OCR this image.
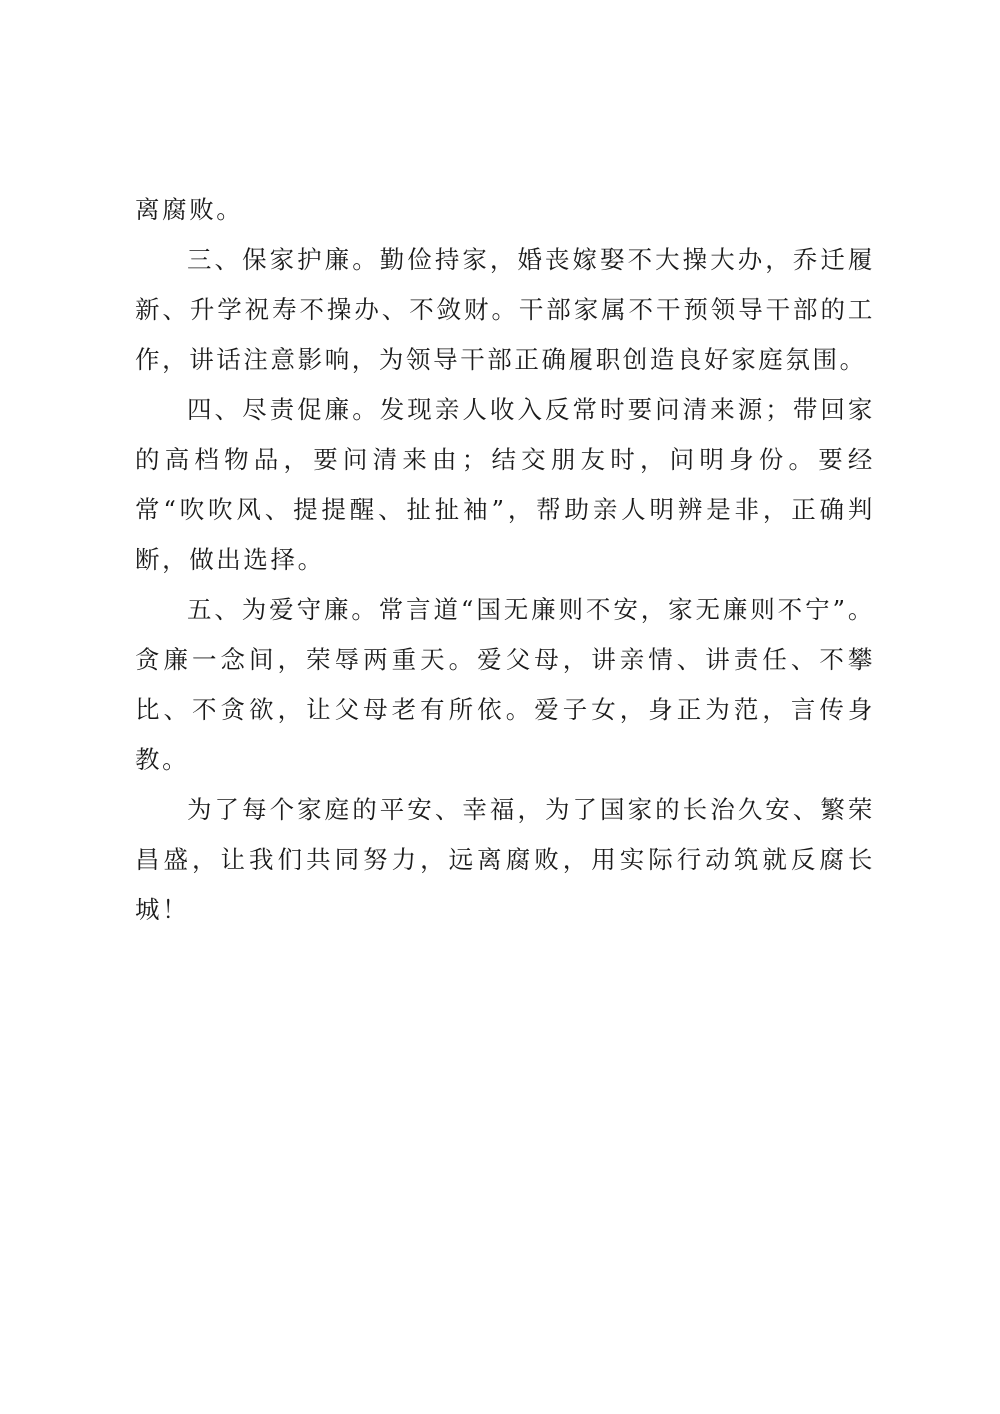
离腐败。

三、保家护廉。勤俭持家，婚丧嫁娶不大操大办，乔迁履新、升学祝寿不操办、不敛财。干部家属不干预领导干部的工作，讲话注意影响，为领导干部正确履职创造良好家庭氛围。

四、尽责促廉。发现亲人收入反常时要问清来源；带回家的高档物品，要问清来由；结交朋友时，问明身份。要经常“吹吹风、提提醒、扯扯袖”，帮助亲人明辨是非，正确判断，做出选择。

五、为爱守廉。常言道“国无廉则不安，家无廉则不宁”。贪廉一念间，荣辱两重天。爱父母，讲亲情、讲责任、不攀比、不贪欲，让父母老有所依。爱子女，身正为范，言传身教。

为了每个家庭的平安、幸福，为了国家的长治久安、繁荣昌盛，让我们共同努力，远离腐败，用实际行动筑就反腐长城！
